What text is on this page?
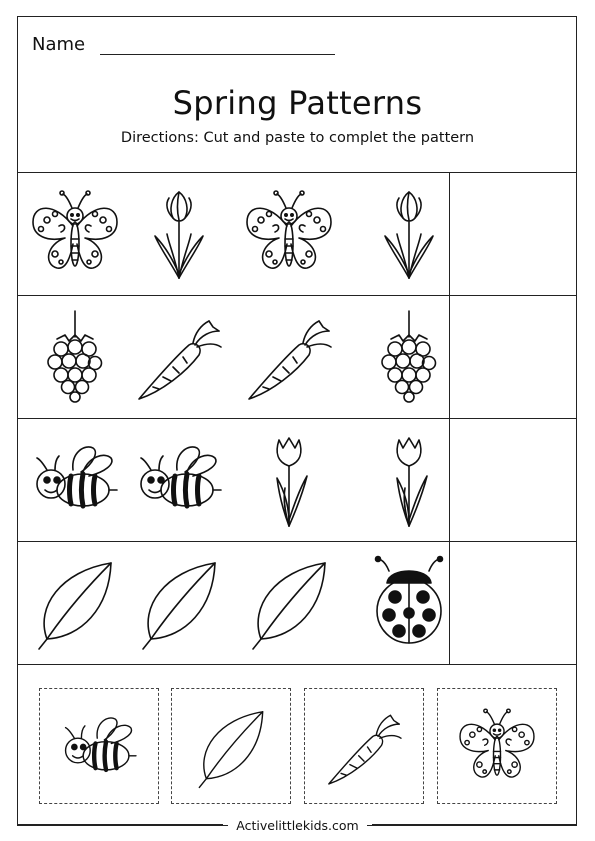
Name
Spring Patterns
Directions: Cut and paste to complet the pattern
Activelittlekids.com
